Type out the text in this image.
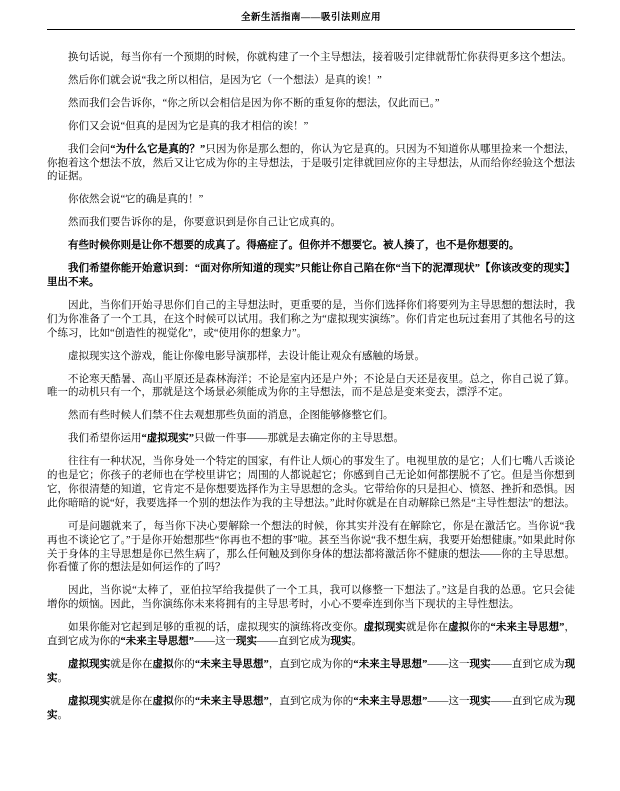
全新生活指南——吸引法则应用

换句话说，每当你有一个预期的时候，你就构建了一个主导想法，接着吸引定律就帮忙你获得更多这个想法。

然后你们就会说“我之所以相信，是因为它（一个想法）是真的诶！”

然而我们会告诉你，“你之所以会相信是因为你不断的重复你的想法，仅此而已。”

你们又会说“但真的是因为它是真的我才相信的诶！”

我们会问“为什么它是真的？”只因为你是那么想的，你认为它是真的。只因为不知道你从哪里捡来一个想法，你抱着这个想法不放，然后又让它成为你的主导想法，于是吸引定律就回应你的主导想法，从而给你经验这个想法的证据。

你依然会说“它的确是真的！”

然而我们要告诉你的是，你要意识到是你自己让它成真的。

有些时候你则是让你不想要的成真了。得癌症了。但你并不想要它。被人揍了，也不是你想要的。

我们希望你能开始意识到：“面对你所知道的现实”只能让你自己陷在你“当下的泥潭现状”【你该改变的现实】里出不来。

因此，当你们开始寻思你们自己的主导想法时，更重要的是，当你们选择你们将要列为主导思想的想法时，我们为你准备了一个工具，在这个时候可以试用。我们称之为“虚拟现实演练”。你们肯定也玩过套用了其他名号的这个练习，比如“创造性的视觉化”，或“使用你的想象力”。

虚拟现实这个游戏，能让你像电影导演那样，去设计能让观众有感触的场景。

不论寒天酷暑、高山平原还是森林海洋；不论是室内还是户外；不论是白天还是夜里。总之，你自己说了算。唯一的动机只有一个，那就是这个场景必须能成为你的主导想法，而不是总是变来变去，漂浮不定。

然而有些时候人们禁不住去观想那些负面的消息，企图能够修整它们。

我们希望你运用“虚拟现实”只做一件事——那就是去确定你的主导思想。

往往有一种状况，当你身处一个特定的国家，有件让人烦心的事发生了。电视里放的是它；人们七嘴八舌谈论的也是它；你孩子的老师也在学校里讲它；周围的人都说起它；你感到自己无论如何都摆脱不了它。但是当你想到它，你很清楚的知道，它肯定不是你想要选择作为主导思想的念头。它带给你的只是担心、愤怒、挫折和恐惧。因此你暗暗的说“好，我要选择一个别的想法作为我的主导想法。”此时你就是在自动解除已然是“主导性想法”的想法。

可是问题就来了，每当你下决心要解除一个想法的时候，你其实并没有在解除它，你是在激活它。当你说“我再也不谈论它了。”于是你开始想那些“你再也不想的事”啦。甚至当你说“我不想生病，我要开始想健康。”如果此时你关于身体的主导思想是你已然生病了，那么任何触及到你身体的想法都将激活你不健康的想法——你的主导思想。你看懂了你的想法是如何运作的了吗？

因此，当你说“太棒了，亚伯拉罕给我提供了一个工具，我可以修整一下想法了。”这是自我的怂恿。它只会徒增你的烦恼。因此，当你演练你未来将拥有的主导思考时，小心不要牵连到你当下现状的主导性想法。

如果你能对它起到足够的重视的话，虚拟现实的演练将改变你。虚拟现实就是你在虚拟你的“未来主导思想”，直到它成为你的“未来主导思想”——这一现实——直到它成为现实。

虚拟现实就是你在虚拟你的“未来主导思想”，直到它成为你的“未来主导思想”——这一现实——直到它成为现实。

虚拟现实就是你在虚拟你的“未来主导思想”，直到它成为你的“未来主导思想”——这一现实——直到它成为现实。
